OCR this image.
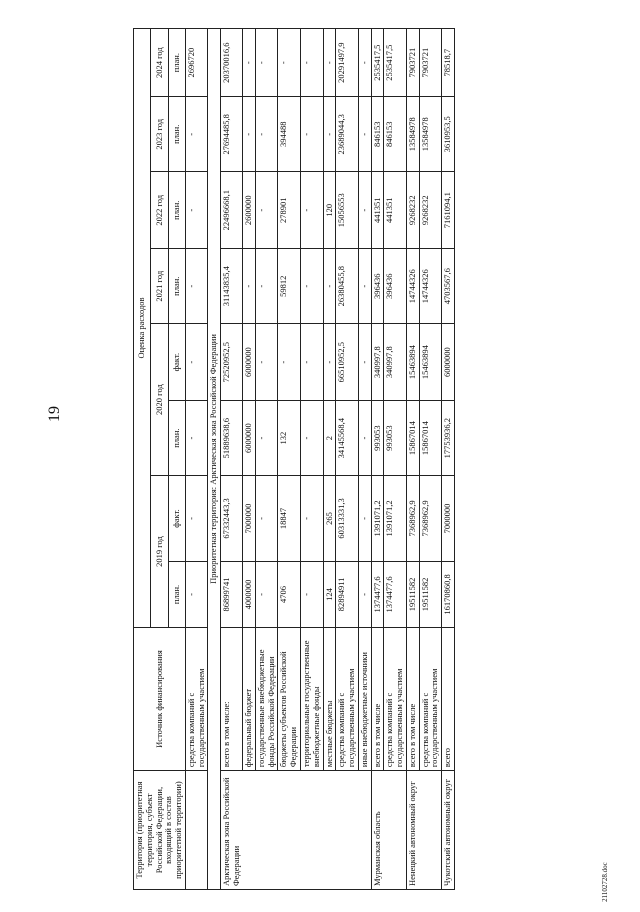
19
21102728.doc
Территория (приоритетная территория, субъект Российской Федерации, входящий в состав приоритетной территории)	Источник финансирования	Оценка расходов							
		2019 год		2020 год		2021 год	2022 год	2023 год	2024 год
		план.	факт.	план.	факт.	план.	план.	план.	план.
	средства компаний с государственным участием	-	-	-	-	-	-	-	2696720
Приоритетная территория: Арктическая зона Российской Федерации									
Арктическая зона Российской Федерации	всего в том числе:	86899741	67332443,3	51889638,6	72520952,5	31143835,4	22496668,1	27694485,8	20370016,6
	федеральный бюджет	4000000	7000000	6000000	6000000	-	2600000	-	-
	государственные внебюджетные фонды Российской Федерации	-	-	-	-	-	-	-	-
	бюджеты субъектов Российской Федерации	4706	18847	132	-	59812	278901	394488	-
	территориальные государственные внебюджетные фонды	-	-	-	-	-	-	-	-
	местные бюджеты	124	265	2	-	-	120	-	-
	средства компаний с государственным участием	82894911	60313331,3	34145568,4	66510952,5	26380455,8	15056553	23689044,3	20291497,9
	иные внебюджетные источники	-	-	-	-	-	-	-	-
Мурманская область	всего в том числе	1374477,6	1391071,2	993053	340997,8	396436	441351	846153	2535417,5
	средства компаний с государственным участием	1374477,6	1391071,2	993053	340997,8	396436	441351	846153	2535417,5
Ненецкий автономный округ	всего в том числе	19511582	7368962,9	15867014	15463894	14744326	9268232	13584978	7903721
	средства компаний с государственным участием	19511582	7368962,9	15867014	15463894	14744326	9268232	13584978	7903721
Чукотский автономный округ	всего	16170860,8	7000000	17753936,2	6000000	4703567,6	7161094,1	3610953,5	78518,7
